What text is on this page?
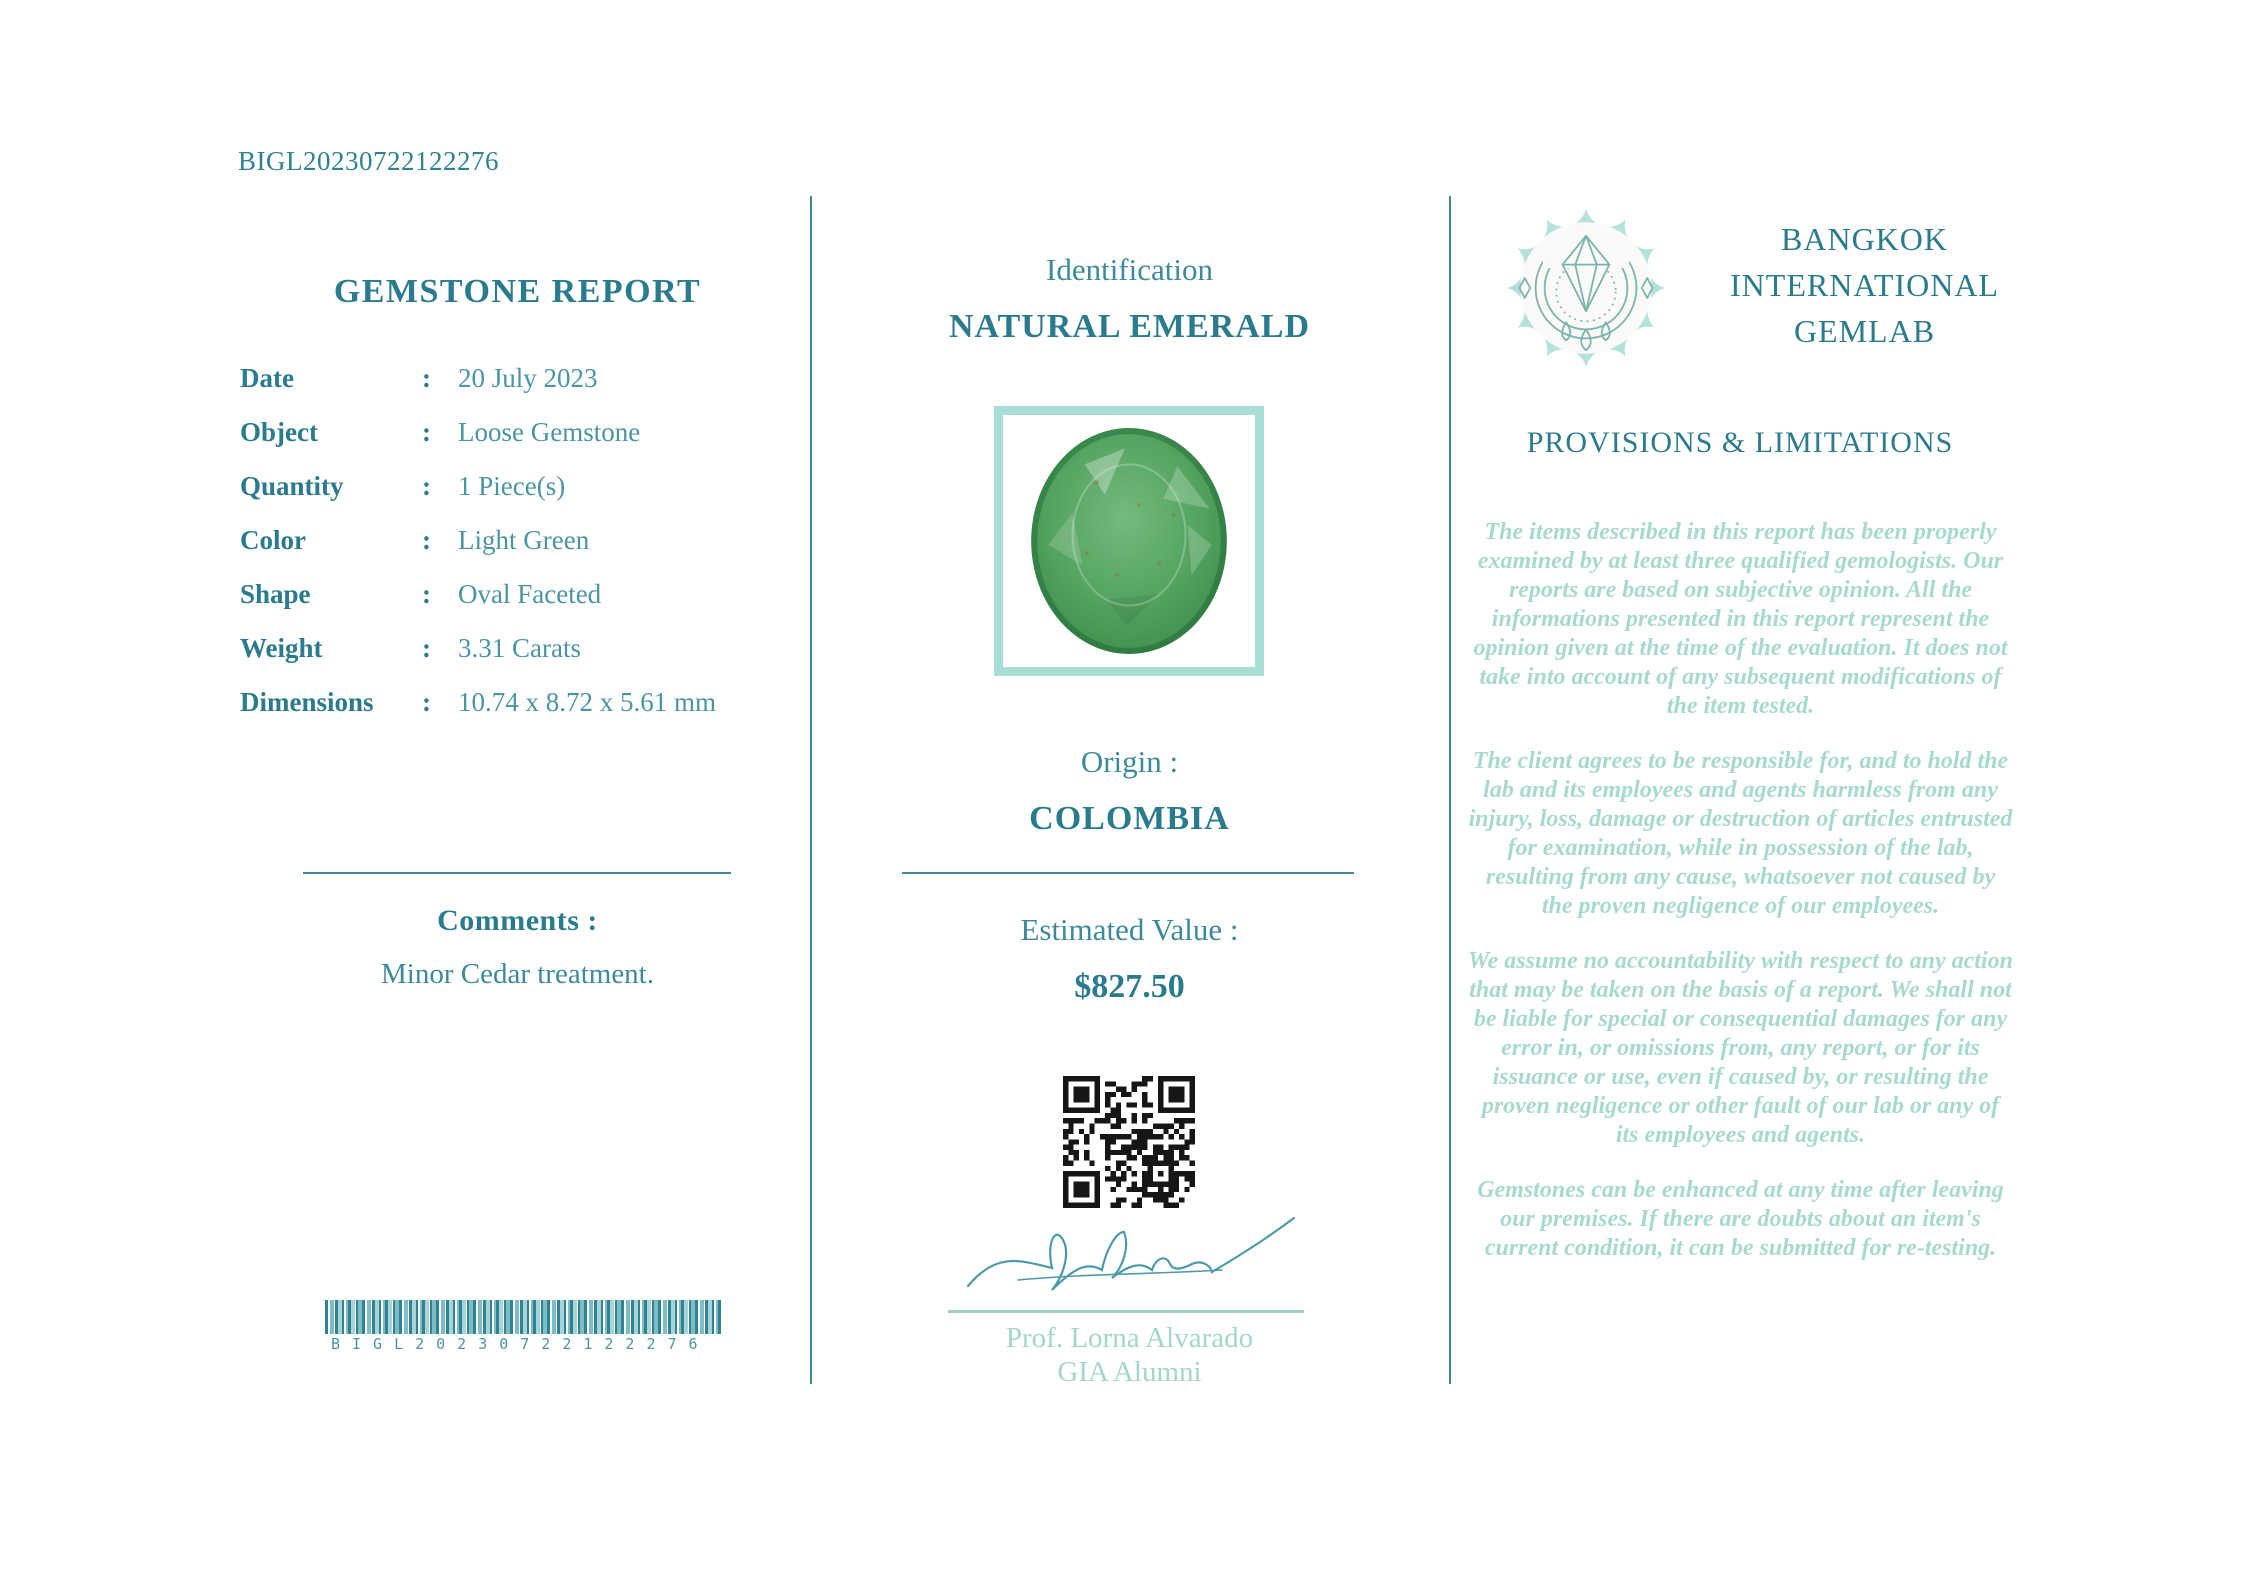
BIGL20230722122276
GEMSTONE REPORT
Date	:	20 July 2023
Object	:	Loose Gemstone
Quantity	:	1 Piece(s)
Color	:	Light Green
Shape	:	Oval Faceted
Weight	:	3.31 Carats
Dimensions	:	10.74 x 8.72 x 5.61 mm
Comments :
Minor Cedar treatment.
BIGL20230722122276
Identification
NATURAL EMERALD
Origin :
COLOMBIA
Estimated Value :
$827.50
Prof. Lorna Alvarado
GIA Alumni
BANGKOK
INTERNATIONAL
GEMLAB
PROVISIONS & LIMITATIONS

The items described in this report has been properly examined by at least three qualified gemologists. Our reports are based on subjective opinion. All the informations presented in this report represent the opinion given at the time of the evaluation. It does not take into account of any subsequent modifications of the item tested.

The client agrees to be responsible for, and to hold the lab and its employees and agents harmless from any injury, loss, damage or destruction of articles entrusted for examination, while in possession of the lab, resulting from any cause, whatsoever not caused by the proven negligence of our employees.

We assume no accountability with respect to any action that may be taken on the basis of a report. We shall not be liable for special or consequential damages for any error in, or omissions from, any report, or for its issuance or use, even if caused by, or resulting the proven negligence or other fault of our lab or any of its employees and agents.

Gemstones can be enhanced at any time after leaving our premises. If there are doubts about an item's current condition, it can be submitted for re-testing.
